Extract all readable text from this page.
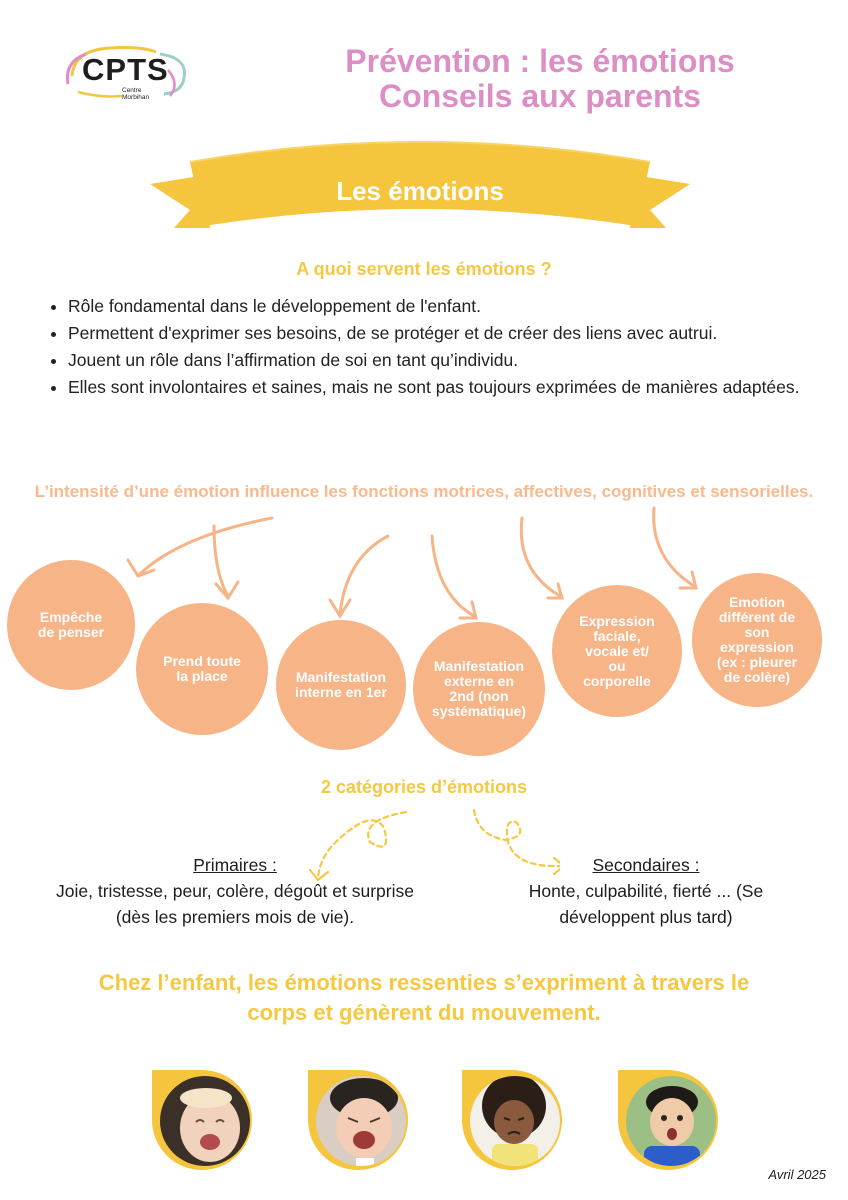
CPTS
Centre
Morbihan
Prévention : les émotions
Conseils aux parents
Les émotions
A quoi servent les émotions ?
• Rôle fondamental dans le développement de l'enfant.
• Permettent d'exprimer ses besoins, de se protéger et de créer des liens avec autrui.
• Jouent un rôle dans l’affirmation de soi en tant qu’individu.
• Elles sont involontaires et saines, mais ne sont pas toujours exprimées de manières adaptées.
L’intensité d’une émotion influence les fonctions motrices, affectives, cognitives et sensorielles.
Empêche
de penser
Prend toute
la place	Manifestation
interne en 1er
Manifestation
externe en
2nd (non
systématique)
Expression
faciale,
vocale et/
ou
corporelle
Emotion
différent de
son
expression
(ex : pleurer
de colère)
2 catégories d’émotions
Primaires :
Joie, tristesse, peur, colère, dégoût et surprise
(dès les premiers mois de vie).
Secondaires :
Honte, culpabilité, fierté ... (Se
développent plus tard)
Chez l’enfant, les émotions ressenties s’expriment à travers le
corps et génèrent du mouvement.
Avril 2025
